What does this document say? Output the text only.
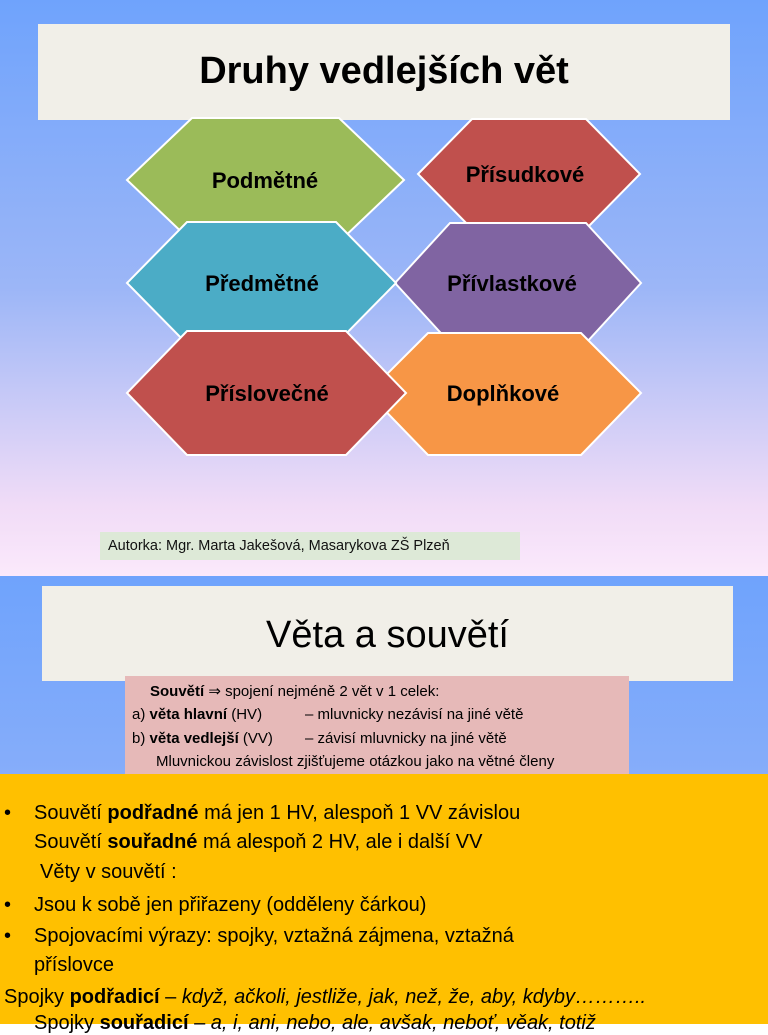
Druhy vedlejších vět
Přísudkové
Podmětné
Přívlastkové
Předmětné
Doplňkové
Příslovečné
Autorka: Mgr. Marta Jakešová, Masarykova ZŠ Plzeň
Věta a souvětí
Souvětí ⇒ spojení nejméně 2 vět v 1 celek:
a) věta hlavní (HV)	– mluvnicky nezávisí na jiné větě
b) věta vedlejší (VV) – závisí mluvnicky na jiné větě
Mluvnickou závislost zjišťujeme otázkou jako na větné členy
• Souvětí podřadné má jen 1 HV, alespoň 1 VV závislou
Souvětí souřadné má alespoň 2 HV, ale i další VV
Věty v souvětí :
• Jsou k sobě jen přiřazeny (odděleny čárkou)
• Spojovacími výrazy: spojky, vztažná zájmena, vztažná
příslovce
Spojky podřadicí – když, ačkoli, jestliže, jak, než, že, aby, kdyby………..
Spojky souřadicí – a, i, ani, nebo, ale, avšak, neboť, věak, totiž
